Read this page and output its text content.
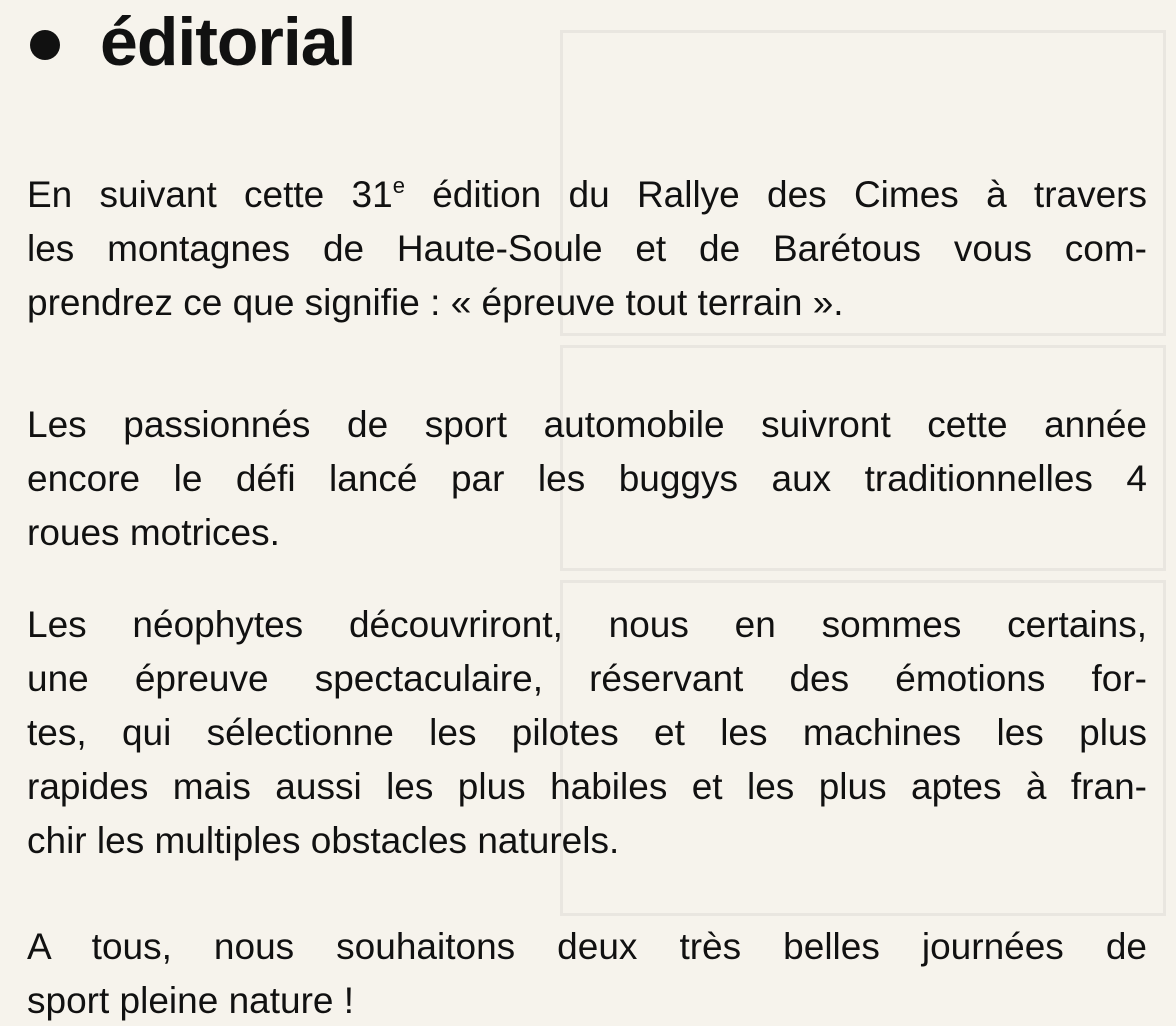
éditorial

En suivant cette 31e édition du Rallye des Cimes à travers
les montagnes de Haute-Soule et de Barétous vous com-
prendrez ce que signifie : « épreuve tout terrain ».

Les passionnés de sport automobile suivront cette année
encore le défi lancé par les buggys aux traditionnelles 4
roues motrices.

Les néophytes découvriront, nous en sommes certains,
une épreuve spectaculaire, réservant des émotions for-
tes, qui sélectionne les pilotes et les machines les plus
rapides mais aussi les plus habiles et les plus aptes à fran-
chir les multiples obstacles naturels.

A tous, nous souhaitons deux très belles journées de
sport pleine nature !
